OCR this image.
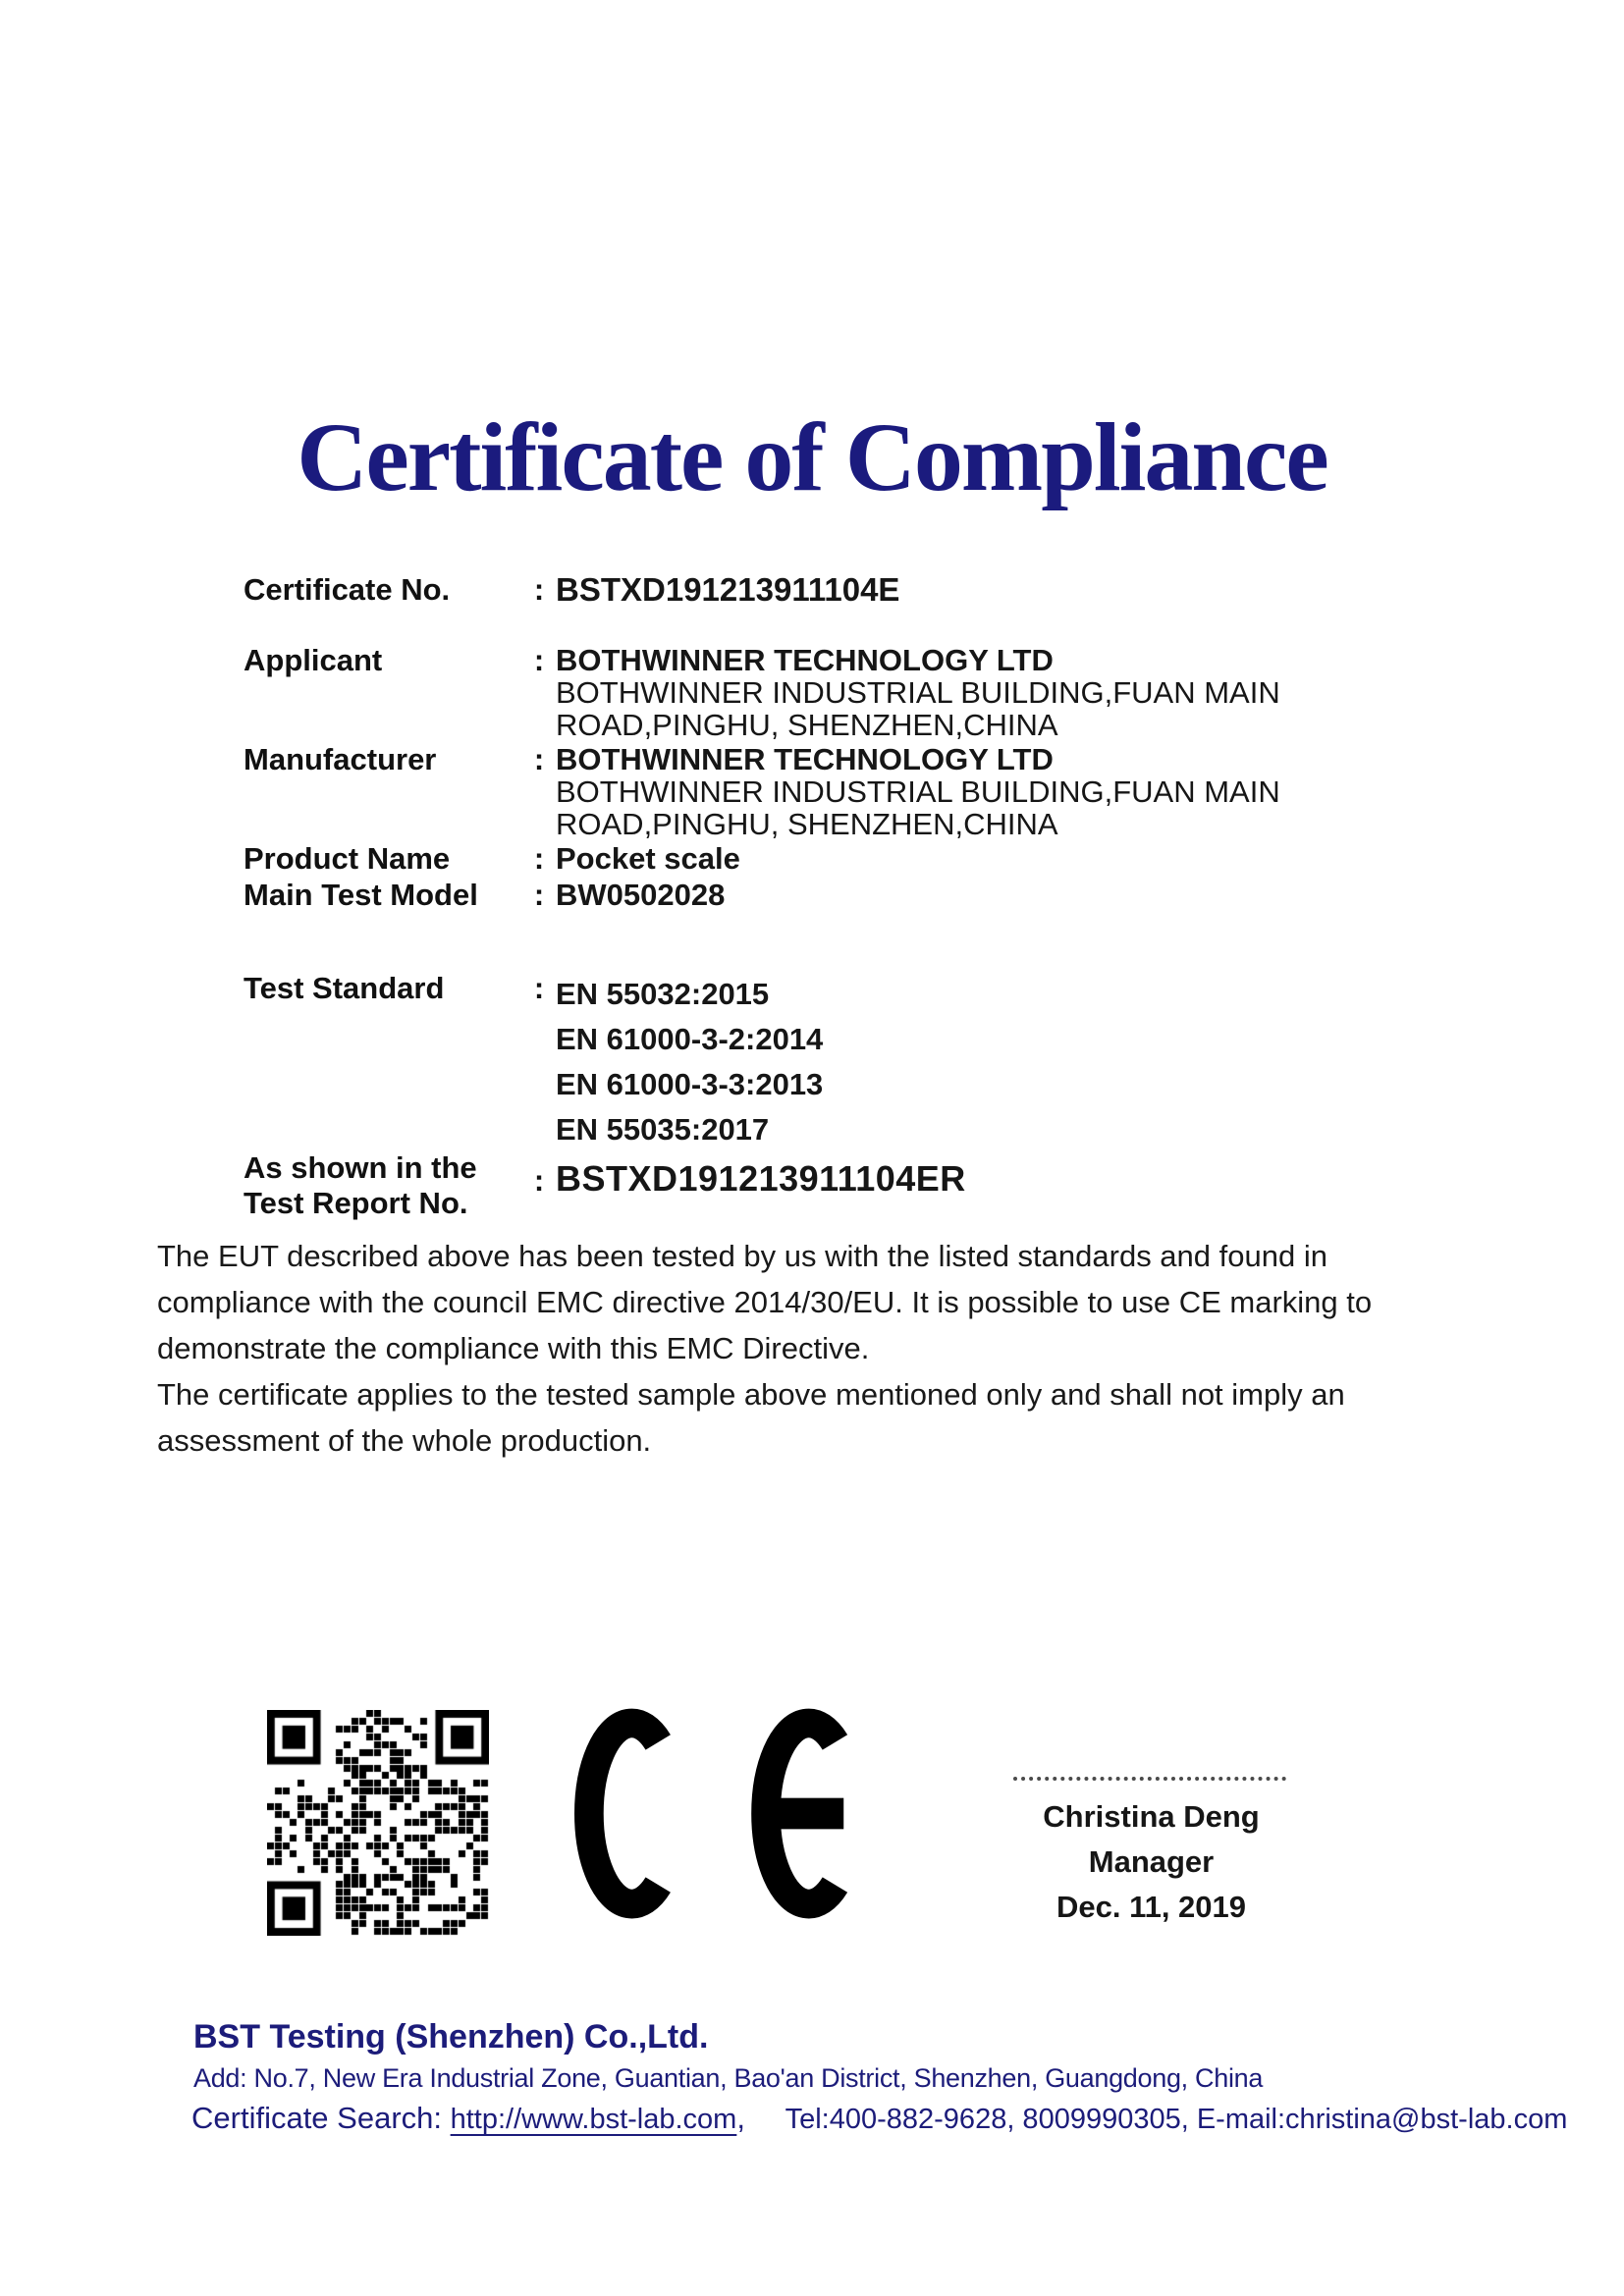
Certificate of Compliance
Certificate No.	: BSTXD191213911104E
Applicant	: BOTHWINNER TECHNOLOGY LTD
BOTHWINNER INDUSTRIAL BUILDING,FUAN MAIN
ROAD,PINGHU, SHENZHEN,CHINA
Manufacturer	: BOTHWINNER TECHNOLOGY LTD
BOTHWINNER INDUSTRIAL BUILDING,FUAN MAIN
ROAD,PINGHU, SHENZHEN,CHINA
Product Name	: Pocket scale
Main Test Model	: BW0502028
Test Standard	: EN 55032:2015
EN 61000-3-2:2014
EN 61000-3-3:2013
EN 55035:2017
As shown in the
Test Report No.
: BSTXD191213911104ER
The EUT described above has been tested by us with the listed standards and found in compliance with the council EMC directive 2014/30/EU. It is possible to use CE marking to demonstrate the compliance with this EMC Directive.
The certificate applies to the tested sample above mentioned only and shall not imply an assessment of the whole production.
Christina Deng
Manager
Dec. 11, 2019
BST Testing (Shenzhen) Co.,Ltd.
Add: No.7, New Era Industrial Zone, Guantian, Bao'an District, Shenzhen, Guangdong, China
Certificate Search: http://www.bst-lab.com, Tel:400-882-9628, 8009990305, E-mail:christina@bst-lab.com
